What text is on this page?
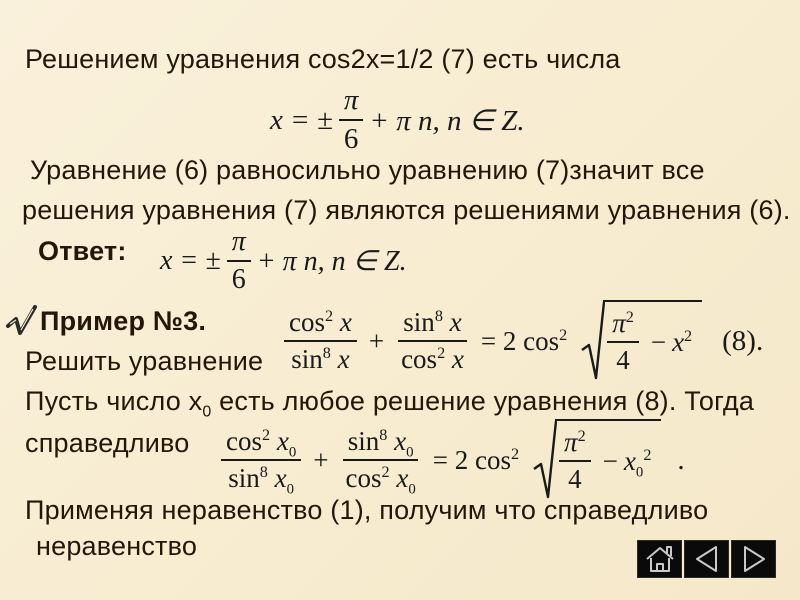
Решением уравнения cos2x=1/2 (7) есть числа
x = ± $\frac{\pi}{6} + \pi$ n, n ∈ Z.
Уравнение (6) равносильно уравнению (7)значит все
решения уравнения (7) являются решениями уравнения (6).
Ответ: x = ± $\frac{\pi}{6} + \pi$ n, n ∈ Z.
Пример №3.
Решить уравнение $\frac{\cos^2 x}{\sin^8 x} + \frac{\sin^8 x}{\cos^2 x} = 2$ $\cos^2 \frac{\pi^2}{4} - x^2$ (8).
Пусть число $x_0$ есть любое решение уравнения (8). Тогда
справедливо $\frac{\cos^2 x_0}{\sin^8 x_0} + \frac{\sin^8 x_0}{\cos^2 x_0} = 2$ $\cos^2 \frac{\pi^2}{4} - x_0^2$ .
Применяя неравенство (1), получим что справедливо
неравенство
